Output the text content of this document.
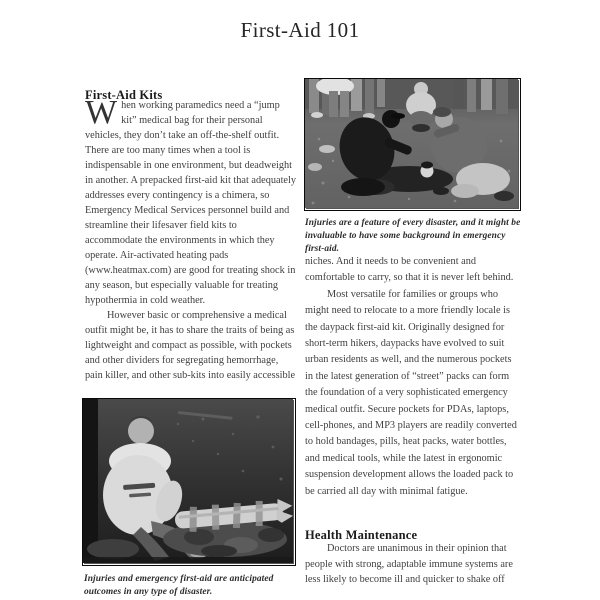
First-Aid 101
First-Aid Kits

When working paramedics need a “jump kit” medical bag for their personal vehicles, they don’t take an off-the-shelf outfit. There are too many times when a tool is indispensable in one environment, but deadweight in another. A prepacked first-aid kit that adequately addresses every contingency is a chimera, so Emergency Medical Services personnel build and streamline their lifesaver field kits to accommodate the environments in which they operate. Air-activated heating pads (www.heatmax.com) are good for treating shock in any season, but especially valuable for treating hypothermia in cold weather.

However basic or comprehensive a medical outfit might be, it has to share the traits of being as lightweight and compact as possible, with pockets and other dividers for segregating hemorrhage, pain killer, and other sub-kits into easily accessible

Injuries and emergency first-aid are anticipated outcomes in any type of disaster.
Injuries are a feature of every disaster, and it might be invaluable to have some background in emergency first-aid.

niches. And it needs to be convenient and comfortable to carry, so that it is never left behind.

Most versatile for families or groups who might need to relocate to a more friendly locale is the daypack first-aid kit. Originally designed for short-term hikers, daypacks have evolved to suit urban residents as well, and the numerous pockets in the latest generation of “street” packs can form the foundation of a very sophisticated emergency medical outfit. Secure pockets for PDAs, laptops, cell-phones, and MP3 players are readily converted to hold bandages, pills, heat packs, water bottles, and medical tools, while the latest in ergonomic suspension development allows the loaded pack to be carried all day with minimal fatigue.

Health Maintenance

Doctors are unanimous in their opinion that people with strong, adaptable immune systems are less likely to become ill and quicker to shake off
